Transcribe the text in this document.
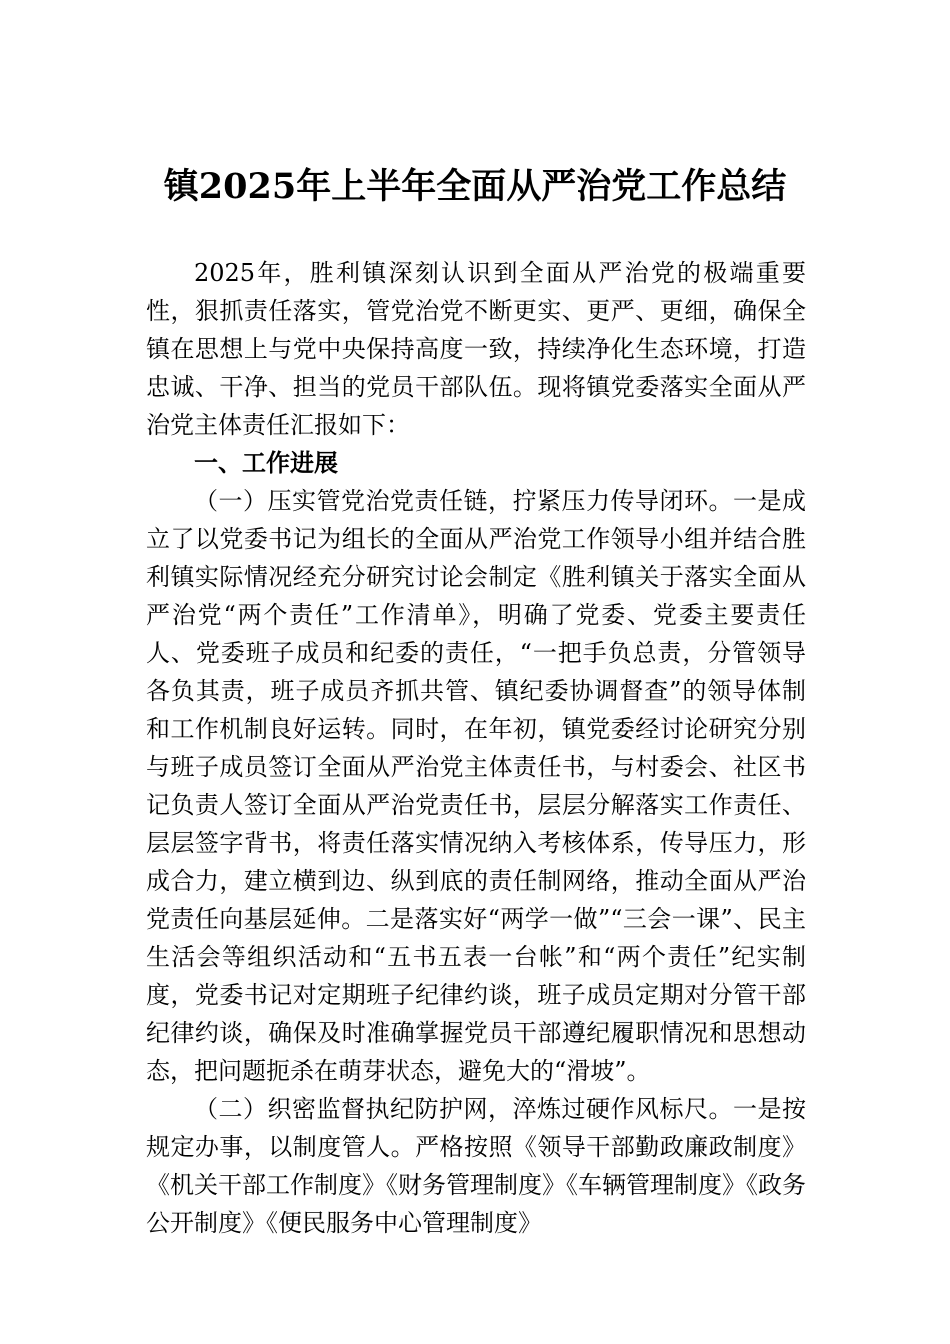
镇2025年上半年全面从严治党工作总结

2025年，胜利镇深刻认识到全面从严治党的极端重要性，狠抓责任落实，管党治党不断更实、更严、更细，确保全镇在思想上与党中央保持高度一致，持续净化生态环境，打造忠诚、干净、担当的党员干部队伍。现将镇党委落实全面从严治党主体责任汇报如下：

一、工作进展

（一）压实管党治党责任链，拧紧压力传导闭环。一是成立了以党委书记为组长的全面从严治党工作领导小组并结合胜利镇实际情况经充分研究讨论会制定《胜利镇关于落实全面从严治党“两个责任”工作清单》，明确了党委、党委主要责任人、党委班子成员和纪委的责任，“一把手负总责，分管领导各负其责，班子成员齐抓共管、镇纪委协调督查”的领导体制和工作机制良好运转。同时，在年初，镇党委经讨论研究分别与班子成员签订全面从严治党主体责任书，与村委会、社区书记负责人签订全面从严治党责任书，层层分解落实工作责任、层层签字背书，将责任落实情况纳入考核体系，传导压力，形成合力，建立横到边、纵到底的责任制网络，推动全面从严治党责任向基层延伸。二是落实好“两学一做”“三会一课”、民主生活会等组织活动和“五书五表一台帐”和“两个责任”纪实制度，党委书记对定期班子纪律约谈，班子成员定期对分管干部纪律约谈，确保及时准确掌握党员干部遵纪履职情况和思想动态，把问题扼杀在萌芽状态，避免大的“滑坡”。

（二）织密监督执纪防护网，淬炼过硬作风标尺。一是按规定办事，以制度管人。严格按照《领导干部勤政廉政制度》《机关干部工作制度》《财务管理制度》《车辆管理制度》《政务公开制度》《便民服务中心管理制度》
